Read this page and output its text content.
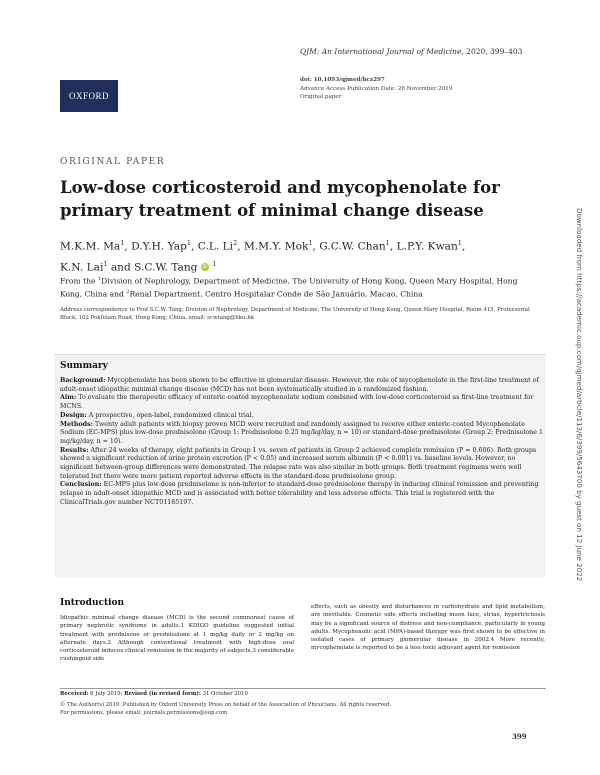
OXFORD
QJM: An International Journal of Medicine, 2020, 399–403
doi: 10.1093/qjmed/hcz297
Advance Access Publication Date: 26 November 2019
Original paper
ORIGINAL PAPER
Low-dose corticosteroid and mycophenolate for primary treatment of minimal change disease
M.K.M. Ma$^1$, D.Y.H. Yap$^1$, C.L. Li$^2$, M.M.Y. Mok$^1$, G.C.W. Chan$^1$, L.P.Y. Kwan$^1$,
K.N. Lai$^1$ and S.C.W. Tang iD $^1$
From the $^1$Division of Nephrology, Department of Medicine, The University of Hong Kong, Queen Mary Hospital, Hong Kong, China and $^2$Renal Department, Centro Hospitalar Conde de São Januário, Macao, China
Address correspondence to Prof S.C.W. Tang, Division of Nephrology, Department of Medicine, The University of Hong Kong, Queen Mary Hospital, Room 415, Professorial Block, 102 Pokfulam Road, Hong Kong, China. email: scwtang@hku.hk
Summary

Background: Mycophenolate has been shown to be effective in glomerular disease. However, the role of mycophenolate in the first-line treatment of adult-onset idiopathic minimal change disease (MCD) has not been systematically studied in a randomized fashion.

Aim: To evaluate the therapeutic efficacy of enteric-coated mycophenolate sodium combined with low-dose corticosteroid as first-line treatment for MCNS.

Design: A prospective, open-label, randomized clinical trial.

Methods: Twenty adult patients with biopsy proven MCD were recruited and randomly assigned to receive either enteric-coated Mycophenolate Sodium (EC-MPS) plus low-dose prednisolone (Group 1: Prednisolone 0.25 mg/kg/day, n = 10) or standard-dose prednisolone (Group 2: Prednisolone 1 mg/kg/day, n = 10).

Results: After 24 weeks of therapy, eight patients in Group 1 vs. seven of patients in Group 2 achieved complete remission (P = 0.606). Both groups showed a significant reduction of urine protein excretion (P < 0.05) and increased serum albumin (P < 0.001) vs. baseline levels. However, no significant between-group differences were demonstrated. The relapse rate was also similar in both groups. Both treatment regimens were well tolerated but there were more patient reported adverse effects in the standard-dose prednisolone group.

Conclusion: EC-MPS plus low-dose prednisolone is non-inferior to standard-dose prednisolone therapy in inducing clinical remission and preventing relapse in adult-onset idiopathic MCD and is associated with better tolerability and less adverse effects. This trial is registered with the ClinicalTrials.gov number NCT01185197.

Introduction
Idiopathic minimal change disease (MCD) is the second commonest cause of primary nephrotic syndrome in adults.1 KDIGO guideline suggested initial treatment with prednisone or prednisolone at 1 mg/kg daily or 2 mg/kg on alternate days.2 Although conventional treatment with high-dose oral corticosteroid induces clinical remission in the majority of subjects,3 considerable cushingoid side
effects, such as obesity and disturbances in carbohydrate and lipid metabolism, are inevitable. Cosmetic side effects including moon face, striae, hypertrichosis may be a significant source of distress and non-compliance, particularly in young adults. Mycophenolic acid (MPA)-based therapy was first shown to be effective in isolated cases of primary glomerular disease in 2002.4 More recently, mycophenolate is reported to be a less toxic adjuvant agent for remission
Received: 6 July 2019; Revised (in revised form): 31 October 2019
© The Author(s) 2019. Published by Oxford University Press on behalf of the Association of Physicians. All rights reserved.
For permissions, please email: journals.permissions@oup.com
399
Downloaded from https://academic.oup.com/qjmed/article/113/6/399/5643700 by guest on 12 June 2022
